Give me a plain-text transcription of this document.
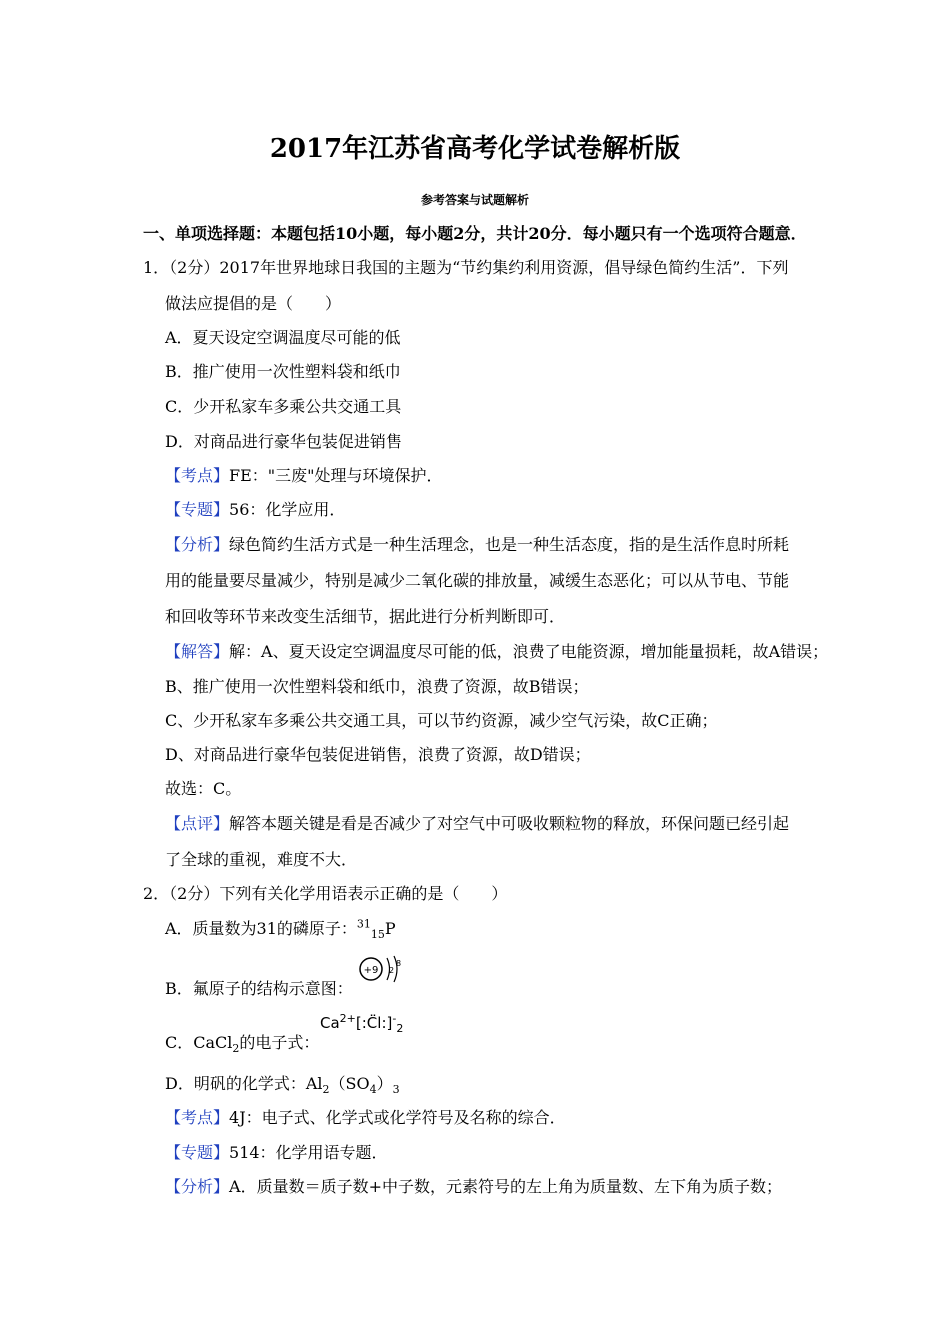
2017年江苏省高考化学试卷解析版
参考答案与试题解析
一、单项选择题：本题包括10小题，每小题2分，共计20分．每小题只有一个选项符合题意．
1．（2分）2017年世界地球日我国的主题为“节约集约利用资源，倡导绿色简约生活”．下列
做法应提倡的是（　　）
A．夏天设定空调温度尽可能的低
B．推广使用一次性塑料袋和纸巾
C．少开私家车多乘公共交通工具
D．对商品进行豪华包装促进销售
【考点】FE："三废"处理与环境保护．
【专题】56：化学应用．
【分析】绿色简约生活方式是一种生活理念，也是一种生活态度，指的是生活作息时所耗
用的能量要尽量减少，特别是减少二氧化碳的排放量，减缓生态恶化；可以从节电、节能
和回收等环节来改变生活细节，据此进行分析判断即可．
【解答】解：A、夏天设定空调温度尽可能的低，浪费了电能资源，增加能量损耗，故A错误；
B、推广使用一次性塑料袋和纸巾，浪费了资源，故B错误；
C、少开私家车多乘公共交通工具，可以节约资源，减少空气污染，故C正确；
D、对商品进行豪华包装促进销售，浪费了资源，故D错误；
故选：C。
【点评】解答本题关键是看是否减少了对空气中可吸收颗粒物的释放，环保问题已经引起
了全球的重视，难度不大．
2．（2分）下列有关化学用语表示正确的是（　　）
A．质量数为31的磷原子：$^{31}_{15}$P
B．氟原子的结构示意图：
+9 2
8
C．CaCl$_2$的电子式：
$Ca^{2+}[:C̈l:]^-_2$
D．明矾的化学式：$Al_2(SO_4)_3$
【考点】4J：电子式、化学式或化学符号及名称的综合．
【专题】514：化学用语专题．
【分析】A．质量数＝质子数+中子数，元素符号的左上角为质量数、左下角为质子数；
